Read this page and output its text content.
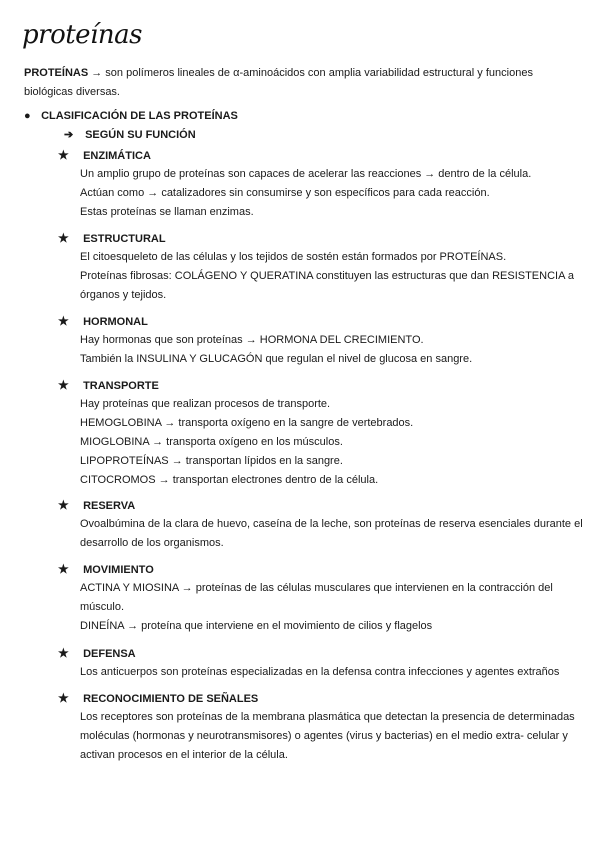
proteínas
PROTEÍNAS → son polímeros lineales de α-aminoácidos con amplia variabilidad estructural y funciones biológicas diversas.
● CLASIFICACIÓN DE LAS PROTEÍNAS
➔ SEGÚN SU FUNCIÓN
★ ENZIMÁTICA
Un amplio grupo de proteínas son capaces de acelerar las reacciones → dentro de la célula.
Actúan como → catalizadores sin consumirse y son específicos para cada reacción.
Estas proteínas se llaman enzimas.
★ ESTRUCTURAL
El citoesqueleto de las células y los tejidos de sostén están formados por PROTEÍNAS.
Proteínas fibrosas: COLÁGENO Y QUERATINA constituyen las estructuras que dan RESISTENCIA a órganos y tejidos.
★ HORMONAL
Hay hormonas que son proteínas → HORMONA DEL CRECIMIENTO.
También la INSULINA Y GLUCAGÓN que regulan el nivel de glucosa en sangre.
★ TRANSPORTE
Hay proteínas que realizan procesos de transporte.
HEMOGLOBINA → transporta oxígeno en la sangre de vertebrados.
MIOGLOBINA → transporta oxígeno en los músculos.
LIPOPROTEÍNAS → transportan lípidos en la sangre.
CITOCROMOS → transportan electrones dentro de la célula.
★ RESERVA
Ovoalbúmina de la clara de huevo, caseína de la leche, son proteínas de reserva esenciales durante el desarrollo de los organismos.
★ MOVIMIENTO
ACTINA Y MIOSINA → proteínas de las células musculares que intervienen en la contracción del músculo.
DINEÍNA → proteína que interviene en el movimiento de cilios y flagelos
★ DEFENSA
Los anticuerpos son proteínas especializadas en la defensa contra infecciones y agentes extraños
★ RECONOCIMIENTO DE SEÑALES
Los receptores son proteínas de la membrana plasmática que detectan la presencia de determinadas moléculas (hormonas y neurotransmisores) o agentes (virus y bacterias) en el medio extra- celular y activan procesos en el interior de la célula.
